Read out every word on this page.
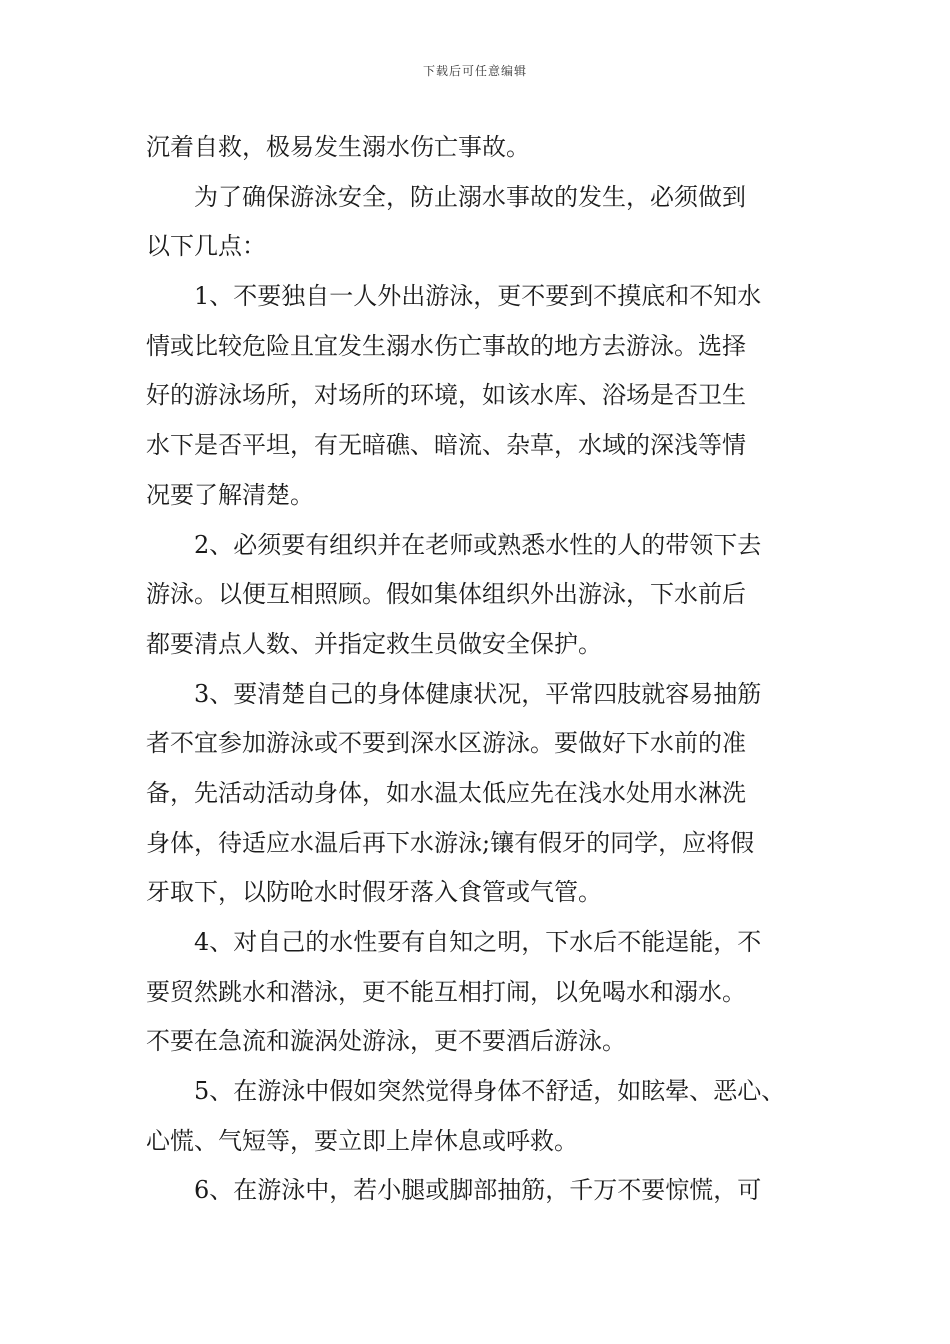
下载后可任意编辑
沉着自救，极易发生溺水伤亡事故。
为了确保游泳安全，防止溺水事故的发生，必须做到
以下几点：
1、不要独自一人外出游泳，更不要到不摸底和不知水
情或比较危险且宜发生溺水伤亡事故的地方去游泳。选择
好的游泳场所，对场所的环境，如该水库、浴场是否卫生
水下是否平坦，有无暗礁、暗流、杂草，水域的深浅等情
况要了解清楚。
2、必须要有组织并在老师或熟悉水性的人的带领下去
游泳。以便互相照顾。假如集体组织外出游泳，下水前后
都要清点人数、并指定救生员做安全保护。
3、要清楚自己的身体健康状况，平常四肢就容易抽筋
者不宜参加游泳或不要到深水区游泳。要做好下水前的准
备，先活动活动身体，如水温太低应先在浅水处用水淋洗
身体，待适应水温后再下水游泳;镶有假牙的同学，应将假
牙取下，以防呛水时假牙落入食管或气管。
4、对自己的水性要有自知之明，下水后不能逞能，不
要贸然跳水和潜泳，更不能互相打闹，以免喝水和溺水。
不要在急流和漩涡处游泳，更不要酒后游泳。
5、在游泳中假如突然觉得身体不舒适，如眩晕、恶心、
心慌、气短等，要立即上岸休息或呼救。
6、在游泳中，若小腿或脚部抽筋，千万不要惊慌，可
